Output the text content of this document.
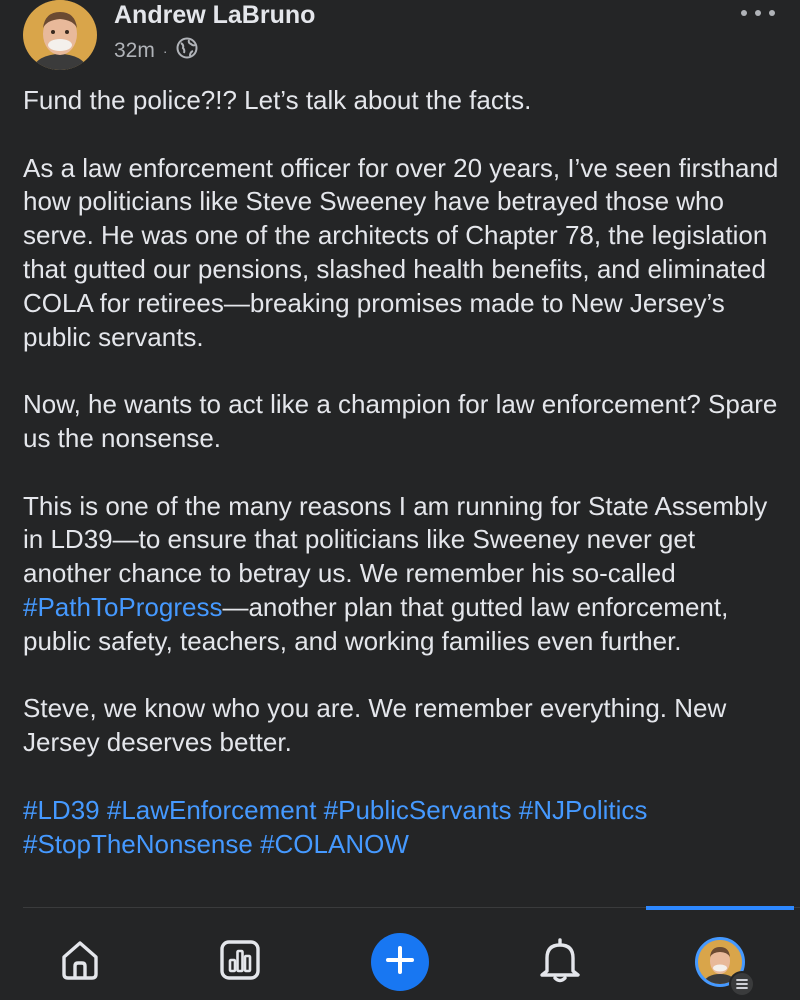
Andrew LaBruno
32m ·

Fund the police?!? Let’s talk about the facts.

As a law enforcement officer for over 20 years, I’ve seen firsthand how politicians like Steve Sweeney have betrayed those who serve. He was one of the architects of Chapter 78, the legislation that gutted our pensions, slashed health benefits, and eliminated COLA for retirees—breaking promises made to New Jersey’s public servants.

Now, he wants to act like a champion for law enforcement? Spare us the nonsense.

This is one of the many reasons I am running for State Assembly in LD39—to ensure that politicians like Sweeney never get another chance to betray us. We remember his so-called #PathToProgress—another plan that gutted law enforcement, public safety, teachers, and working families even further.

Steve, we know who you are. We remember everything. New Jersey deserves better.

#LD39 #LawEnforcement #PublicServants #NJPolitics
#StopTheNonsense #COLANOW
